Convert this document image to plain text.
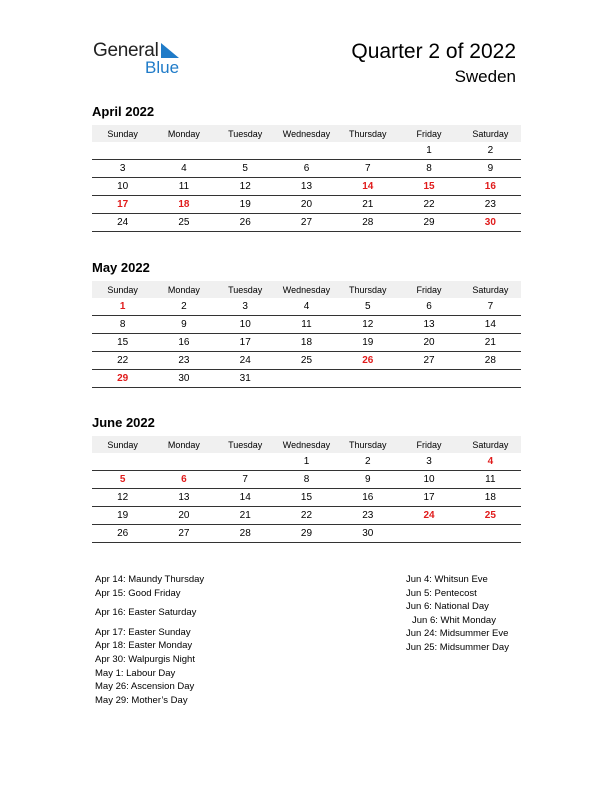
General
Blue
Quarter 2 of 2022
Sweden
April 2022
Sunday	Monday	Tuesday	Wednesday	Thursday	Friday	Saturday
					1	2
3	4	5	6	7	8	9
10	11	12	13	14	15	16
17	18	19	20	21	22	23
24	25	26	27	28	29	30
May 2022
Sunday	Monday	Tuesday	Wednesday	Thursday	Friday	Saturday
1	2	3	4	5	6	7
8	9	10	11	12	13	14
15	16	17	18	19	20	21
22	23	24	25	26	27	28
29	30	31				
June 2022
Sunday	Monday	Tuesday	Wednesday	Thursday	Friday	Saturday
			1	2	3	4
5	6	7	8	9	10	11
12	13	14	15	16	17	18
19	20	21	22	23	24	25
26	27	28	29	30		
Apr 14: Maundy Thursday
Apr 15: Good Friday
Apr 16: Easter Saturday
Apr 17: Easter Sunday
Apr 18: Easter Monday
Apr 30: Walpurgis Night
May 1: Labour Day
May 26: Ascension Day
May 29: Mother’s Day
Jun 4: Whitsun Eve
Jun 5: Pentecost
Jun 6: National Day
Jun 6: Whit Monday
Jun 24: Midsummer Eve
Jun 25: Midsummer Day
